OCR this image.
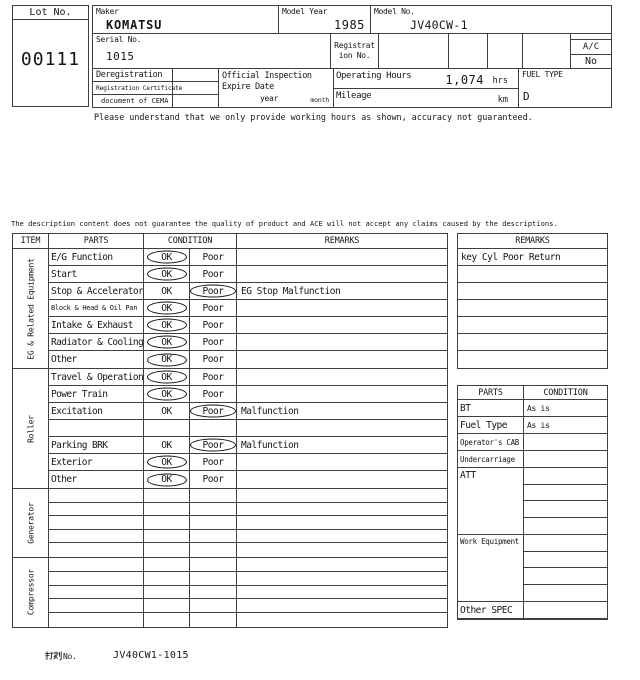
Lot No.
00111
Maker
KOMATSU
Model Year
1985
Model No.
JV40CW-1
Serial No.
1015
Registration No.
A/C
No
Deregistration
Registration Certificate
document of CEMA
Official Inspection
Expire Date
year	month
Operating Hours	1,074 hrs
Mileage	km
FUEL TYPE
D
Please understand that we only provide working hours as shown, accuracy not guaranteed.
The description content does not guarantee the quality of product and ACE will not accept any claims caused by the descriptions.
ITEM	PARTS	CONDITION	REMARKS
EG & Related Equipment
E/G Function	OK	Poor
Start	OK	Poor
Stop & Accelerator OK	Poor	EG Stop Malfunction
Block & Head & Oil Pan	OK	Poor
Intake & Exhaust	OK	Poor
Radiator & Cooling OK	Poor
Other	OK	Poor
Roller
Travel & Operation OK	Poor
Power Train	OK	Poor
Excitation	OK	Poor	Malfunction
Parking BRK	OK	Poor	Malfunction
Exterior	OK	Poor
Other	OK	Poor
Generator
Compressor
REMARKS
key Cyl Poor Return
PARTS	CONDITION
BT	As is
Fuel Type	As is
Operator's CAB
Undercarriage
ATT
Work Equipment
Other SPEC
No.	JV40CW1-1015
